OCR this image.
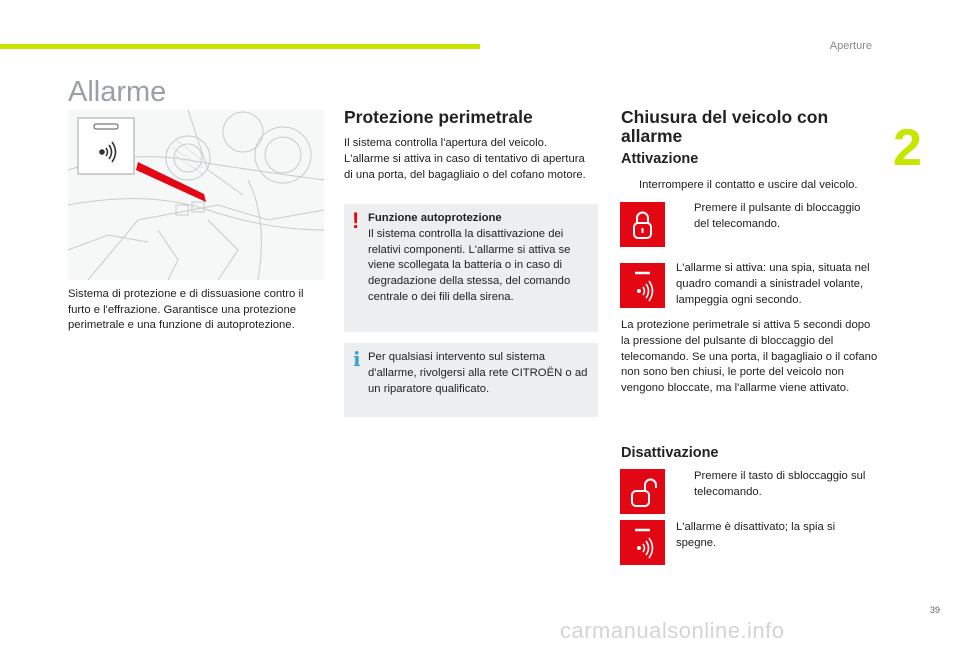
Aperture
2
Allarme
Sistema di protezione e di dissuasione contro il furto e l'effrazione. Garantisce una protezione perimetrale e una funzione di autoprotezione.
Protezione perimetrale
Il sistema controlla l'apertura del veicolo. L'allarme si attiva in caso di tentativo di apertura di una porta, del bagagliaio o del cofano motore.
! Funzione autoprotezione
Il sistema controlla la disattivazione dei relativi componenti. L'allarme si attiva se viene scollegata la batteria o in caso di degradazione della stessa, del comando centrale o dei fili della sirena.
i Per qualsiasi intervento sul sistema d'allarme, rivolgersi alla rete CITROËN o ad un riparatore qualificato.
Chiusura del veicolo con allarme
Attivazione
Interrompere il contatto e uscire dal veicolo.
Premere il pulsante di bloccaggio del telecomando.
L'allarme si attiva: una spia, situata nel quadro comandi a sinistradel volante, lampeggia ogni secondo.
La protezione perimetrale si attiva 5 secondi dopo la pressione del pulsante di bloccaggio del telecomando. Se una porta, il bagagliaio o il cofano non sono ben chiusi, le porte del veicolo non vengono bloccate, ma l'allarme viene attivato.
Disattivazione
Premere il tasto di sbloccaggio sul telecomando.
L'allarme è disattivato; la spia si spegne.
39
carmanualsonline.info
